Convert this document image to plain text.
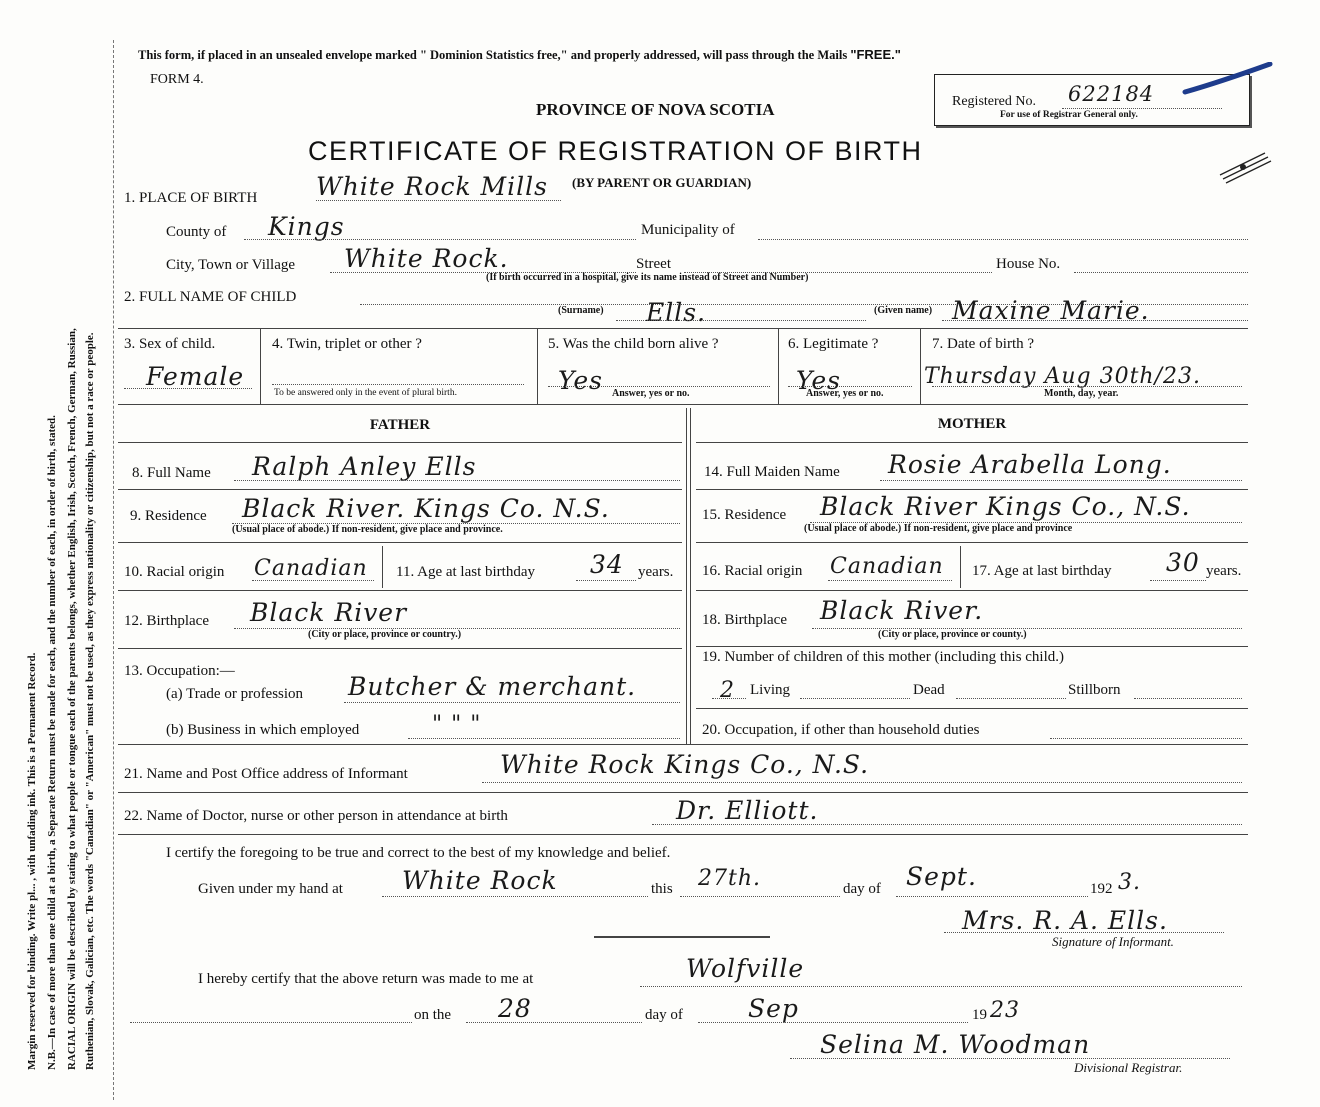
Margin reserved for binding. Write pl... , with unfading ink. This is a Permanent Record. N.B.—In case of more than one child at a birth, a Separate Return must be made for each, and the number of each, in order of birth, stated. RACIAL ORIGIN will be described by stating to what people or tongue each of the parents belongs, whether English, Irish, Scotch, French, German, Russian, Ruthenian, Slovak, Galician, etc. The words "Canadian" or "American" must not be used, as they express nationality or citizenship, but not a race or people.
This form, if placed in an unsealed envelope marked " Dominion Statistics free," and properly addressed, will pass through the Mails "FREE."
FORM 4.
PROVINCE OF NOVA SCOTIA	Registered No. 622184
For use of Registrar General only.
CERTIFICATE OF REGISTRATION OF BIRTH
1. PLACE OF BIRTH White Rock Mills (BY PARENT OR GUARDIAN)
County of Kings	Municipality of
City, Town or Village White Rock.	Street	House No.
(If birth occurred in a hospital, give its name instead of Street and Number)
2. FULL NAME OF CHILD
(Surname) Ells.	(Given name) Maxine Marie.
3. Sex of child.
Female
4. Twin, triplet or other ?
To be answered only in the event of plural birth.
5. Was the child born alive ?
Yes Answer, yes or no.
6. Legitimate ?
Yes
Answer, yes or no.
7. Date of birth ?
Thursday Aug 30th/23.
Month, day, year.
FATHER	MOTHER
8. Full Name Ralph Anley Ells
9. Residence Black River. Kings Co. N.S.
(Usual place of abode.) If non-resident, give place and province.
10. Racial origin Canadian 11. Age at last birthday 34 years.
12. Birthplace Black River
(City or place, province or country.)
13. Occupation:—
(a) Trade or profession Butcher & merchant.
(b) Business in which employed	" " "
14. Full Maiden Name Rosie Arabella Long.
15. Residence Black River Kings Co., N.S.
(Usual place of abode.) If non-resident, give place and province
16. Racial origin Canadian 17. Age at last birthday 30 years.
18. Birthplace Black River.
(City or place, province or county.)
19. Number of children of this mother (including this child.)
2 Living	Dead	Stillborn
20. Occupation, if other than household duties
21. Name and Post Office address of Informant	White Rock Kings Co., N.S.
22. Name of Doctor, nurse or other person in attendance at birth	Dr. Elliott.
I certify the foregoing to be true and correct to the best of my knowledge and belief.
Given under my hand at White Rock	this 27th.	day of Sept.	192 3.
Mrs. R. A. Ells.
Signature of Informant.
I hereby certify that the above return was made to me at	Wolfville
on the 28	day of	Sep	19 23
Selina M. Woodman
Divisional Registrar.
